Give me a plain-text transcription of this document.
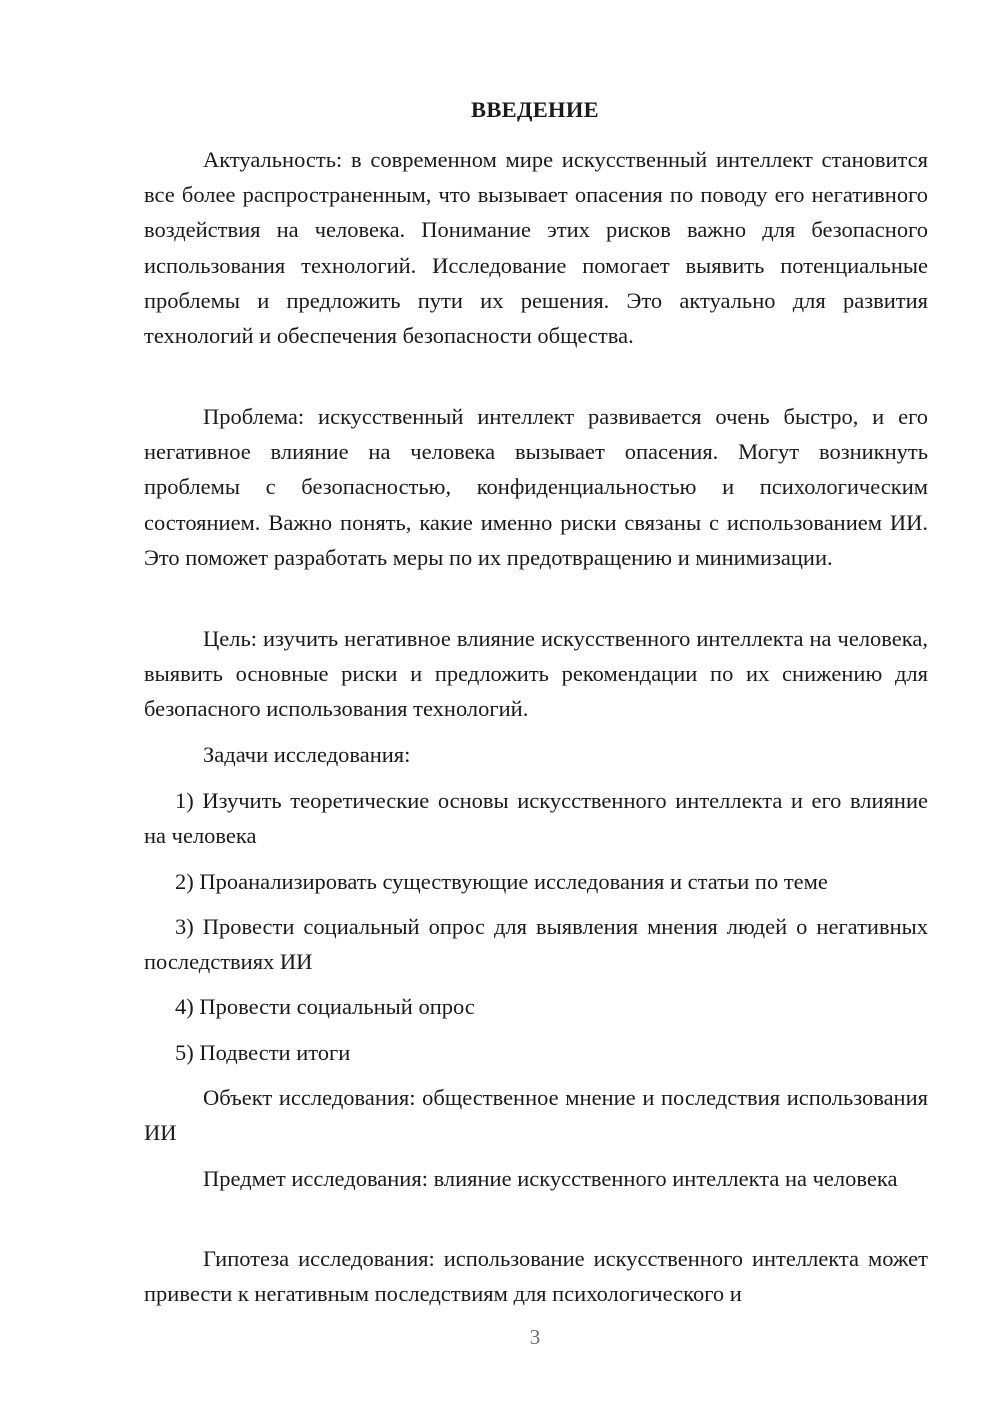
ВВЕДЕНИЕ

Актуальность: в современном мире искусственный интеллект становится все более распространенным, что вызывает опасения по поводу его негативного воздействия на человека. Понимание этих рисков важно для безопасного использования технологий. Исследование помогает выявить потенциальные проблемы и предложить пути их решения. Это актуально для развития технологий и обеспечения безопасности общества.

Проблема: искусственный интеллект развивается очень быстро, и его негативное влияние на человека вызывает опасения. Могут возникнуть проблемы с безопасностью, конфиденциальностью и психологическим состоянием. Важно понять, какие именно риски связаны с использованием ИИ. Это поможет разработать меры по их предотвращению и минимизации.

Цель: изучить негативное влияние искусственного интеллекта на человека, выявить основные риски и предложить рекомендации по их снижению для безопасного использования технологий.

Задачи исследования:

1) Изучить теоретические основы искусственного интеллекта и его влияние на человека

2) Проанализировать существующие исследования и статьи по теме

3) Провести социальный опрос для выявления мнения людей о негативных последствиях ИИ

4) Провести социальный опрос

5) Подвести итоги

Объект исследования: общественное мнение и последствия использования ИИ

Предмет исследования: влияние искусственного интеллекта на человека

Гипотеза исследования: использование искусственного интеллекта может привести к негативным последствиям для психологического и

3
